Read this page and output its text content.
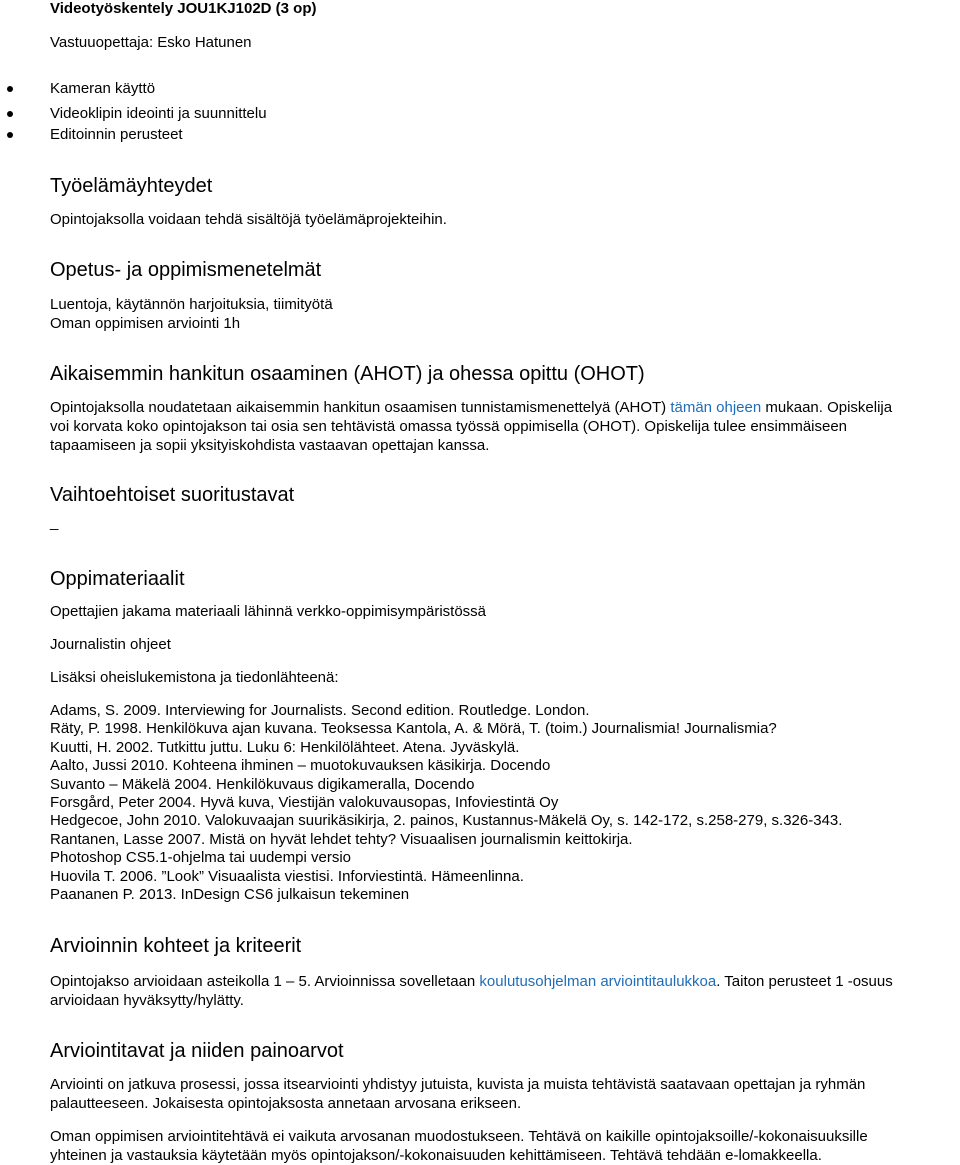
Videotyöskentely JOU1KJ102D (3 op)
Vastuuopettaja: Esko Hatunen
Kameran käyttö
Videoklipin ideointi ja suunnittelu
Editoinnin perusteet
Työelämäyhteydet
Opintojaksolla voidaan tehdä sisältöjä työelämäprojekteihin.
Opetus- ja oppimismenetelmät
Luentoja, käytännön harjoituksia, tiimityötä
Oman oppimisen arviointi 1h
Aikaisemmin hankitun osaaminen (AHOT) ja ohessa opittu (OHOT)
Opintojaksolla noudatetaan aikaisemmin hankitun osaamisen tunnistamismenettelyä (AHOT) tämän ohjeen mukaan. Opiskelija
voi korvata koko opintojakson tai osia sen tehtävistä omassa työssä oppimisella (OHOT). Opiskelija tulee ensimmäiseen
tapaamiseen ja sopii yksityiskohdista vastaavan opettajan kanssa.
Vaihtoehtoiset suoritustavat
_
Oppimateriaalit
Opettajien jakama materiaali lähinnä verkko-oppimisympäristössä
Journalistin ohjeet
Lisäksi oheislukemistona ja tiedonlähteenä:
Adams, S. 2009. Interviewing for Journalists. Second edition. Routledge. London.
Räty, P. 1998. Henkilökuva ajan kuvana. Teoksessa Kantola, A. & Mörä, T. (toim.) Journalismia! Journalismia?
Kuutti, H. 2002. Tutkittu juttu. Luku 6: Henkilölähteet. Atena. Jyväskylä.
Aalto, Jussi 2010. Kohteena ihminen – muotokuvauksen käsikirja. Docendo
Suvanto – Mäkelä 2004. Henkilökuvaus digikameralla, Docendo
Forsgård, Peter 2004. Hyvä kuva, Viestijän valokuvausopas, Infoviestintä Oy
Hedgecoe, John 2010. Valokuvaajan suurikäsikirja, 2. painos, Kustannus-Mäkelä Oy, s. 142-172, s.258-279, s.326-343.
Rantanen, Lasse 2007. Mistä on hyvät lehdet tehty? Visuaalisen journalismin keittokirja.
Photoshop CS5.1-ohjelma tai uudempi versio
Huovila T. 2006. ”Look” Visuaalista viestisi. Inforviestintä. Hämeenlinna.
Paananen P. 2013. InDesign CS6 julkaisun tekeminen
Arvioinnin kohteet ja kriteerit
Opintojakso arvioidaan asteikolla 1 – 5. Arvioinnissa sovelletaan koulutusohjelman arviointitaulukkoa. Taiton perusteet 1 -osuus
arvioidaan hyväksytty/hylätty.
Arviointitavat ja niiden painoarvot
Arviointi on jatkuva prosessi, jossa itsearviointi yhdistyy jutuista, kuvista ja muista tehtävistä saatavaan opettajan ja ryhmän
palautteeseen. Jokaisesta opintojaksosta annetaan arvosana erikseen.
Oman oppimisen arviointitehtävä ei vaikuta arvosanan muodostukseen. Tehtävä on kaikille opintojaksoille/-kokonaisuuksille
yhteinen ja vastauksia käytetään myös opintojakson/-kokonaisuuden kehittämiseen. Tehtävä tehdään e-lomakkeella.
